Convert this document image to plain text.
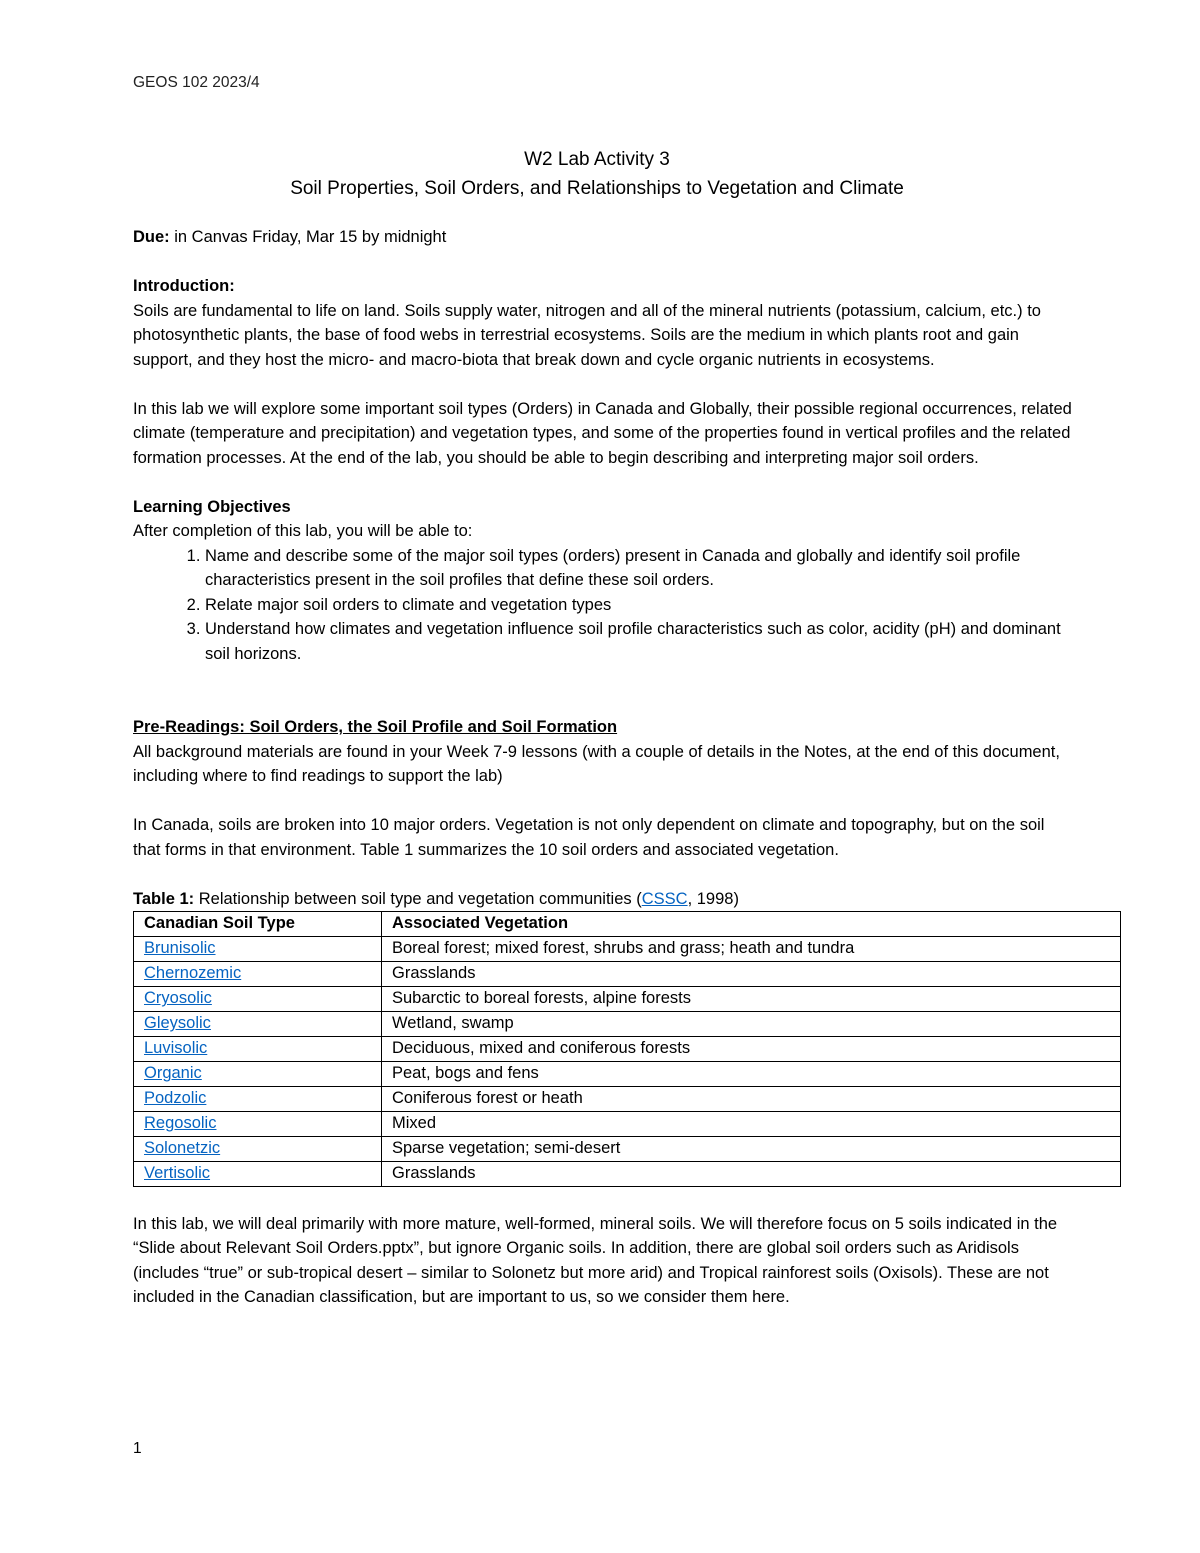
GEOS 102 2023/4
W2 Lab Activity 3
Soil Properties, Soil Orders, and Relationships to Vegetation and Climate

Due: in Canvas Friday, Mar 15 by midnight

Introduction:

Soils are fundamental to life on land. Soils supply water, nitrogen and all of the mineral nutrients (potassium, calcium, etc.) to photosynthetic plants, the base of food webs in terrestrial ecosystems. Soils are the medium in which plants root and gain support, and they host the micro- and macro-biota that break down and cycle organic nutrients in ecosystems.

In this lab we will explore some important soil types (Orders) in Canada and Globally, their possible regional occurrences, related climate (temperature and precipitation) and vegetation types, and some of the properties found in vertical profiles and the related formation processes. At the end of the lab, you should be able to begin describing and interpreting major soil orders.

Learning Objectives

After completion of this lab, you will be able to:

1. Name and describe some of the major soil types (orders) present in Canada and globally and identify soil profile characteristics present in the soil profiles that define these soil orders.
2. Relate major soil orders to climate and vegetation types
3. Understand how climates and vegetation influence soil profile characteristics such as color, acidity (pH) and dominant soil horizons.

Pre-Readings: Soil Orders, the Soil Profile and Soil Formation

All background materials are found in your Week 7-9 lessons (with a couple of details in the Notes, at the end of this document, including where to find readings to support the lab)

In Canada, soils are broken into 10 major orders. Vegetation is not only dependent on climate and topography, but on the soil that forms in that environment. Table 1 summarizes the 10 soil orders and associated vegetation.

Table 1: Relationship between soil type and vegetation communities (CSSC, 1998)

Canadian Soil Type	Associated Vegetation
Brunisolic	Boreal forest; mixed forest, shrubs and grass; heath and tundra
Chernozemic	Grasslands
Cryosolic	Subarctic to boreal forests, alpine forests
Gleysolic	Wetland, swamp
Luvisolic	Deciduous, mixed and coniferous forests
Organic	Peat, bogs and fens
Podzolic	Coniferous forest or heath
Regosolic	Mixed
Solonetzic	Sparse vegetation; semi-desert
Vertisolic	Grasslands

In this lab, we will deal primarily with more mature, well-formed, mineral soils. We will therefore focus on 5 soils indicated in the “Slide about Relevant Soil Orders.pptx”, but ignore Organic soils. In addition, there are global soil orders such as Aridisols (includes “true” or sub-tropical desert – similar to Solonetz but more arid) and Tropical rainforest soils (Oxisols). These are not included in the Canadian classification, but are important to us, so we consider them here.

1
